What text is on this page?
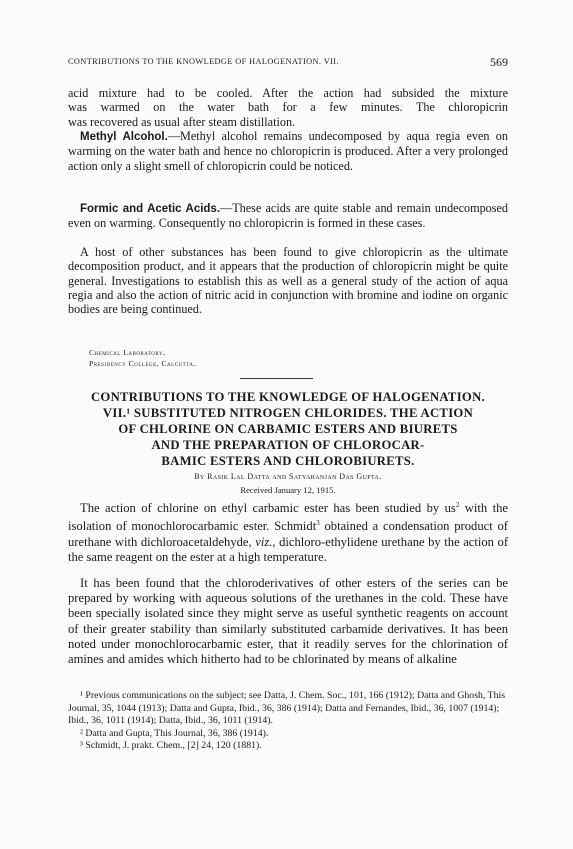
CONTRIBUTIONS TO THE KNOWLEDGE OF HALOGENATION. VII.	569

acid mixture had to be cooled. After the action had subsided the mixture

was warmed on the water bath for a few minutes. The chloropicrin

was recovered as usual after steam distillation.

Methyl Alcohol.—Methyl alcohol remains undecomposed by aqua regia even on warming on the water bath and hence no chloropicrin is produced. After a very prolonged action only a slight smell of chloropicrin could be noticed.

Formic and Acetic Acids.—These acids are quite stable and remain undecomposed even on warming. Consequently no chloropicrin is formed in these cases.

A host of other substances has been found to give chloropicrin as the ultimate decomposition product, and it appears that the production of chloropicrin might be quite general. Investigations to establish this as well as a general study of the action of aqua regia and also the action of nitric acid in conjunction with bromine and iodine on organic bodies are being continued.

Chemical Laboratory,
Presidency College, Calcutta.
CONTRIBUTIONS TO THE KNOWLEDGE OF HALOGENATION.
VII.¹ SUBSTITUTED NITROGEN CHLORIDES. THE ACTION
OF CHLORINE ON CARBAMIC ESTERS AND BIURETS
AND THE PREPARATION OF CHLOROCAR-
BAMIC ESTERS AND CHLOROBIURETS.
By Rasik Lal Datta and Satyaranjan Das Gupta.
Received January 12, 1915.

The action of chlorine on ethyl carbamic ester has been studied by $us^2$ with the isolation of monochlorocarbamic ester. Schmidt$^3$ obtained a condensation product of urethane with dichloroacetaldehyde, viz., dichloro-ethylidene urethane by the action of the same reagent on the ester at a high temperature.

It has been found that the chloroderivatives of other esters of the series can be prepared by working with aqueous solutions of the urethanes in the cold. These have been specially isolated since they might serve as useful synthetic reagents on account of their greater stability than similarly substituted carbamide derivatives. It has been noted under monochlorocarbamic ester, that it readily serves for the chlorination of amines and amides which hitherto had to be chlorinated by means of alkaline

¹ Previous communications on the subject; see Datta, J. Chem. Soc., 101, 166 (1912); Datta and Ghosh, This Journal, 35, 1044 (1913); Datta and Gupta, Ibid., 36, 386 (1914); Datta and Fernandes, Ibid., 36, 1007 (1914); Ibid., 36, 1011 (1914); Datta, Ibid., 36, 1011 (1914).

² Datta and Gupta, This Journal, 36, 386 (1914).

³ Schmidt, J. prakt. Chem., [2] 24, 120 (1881).
